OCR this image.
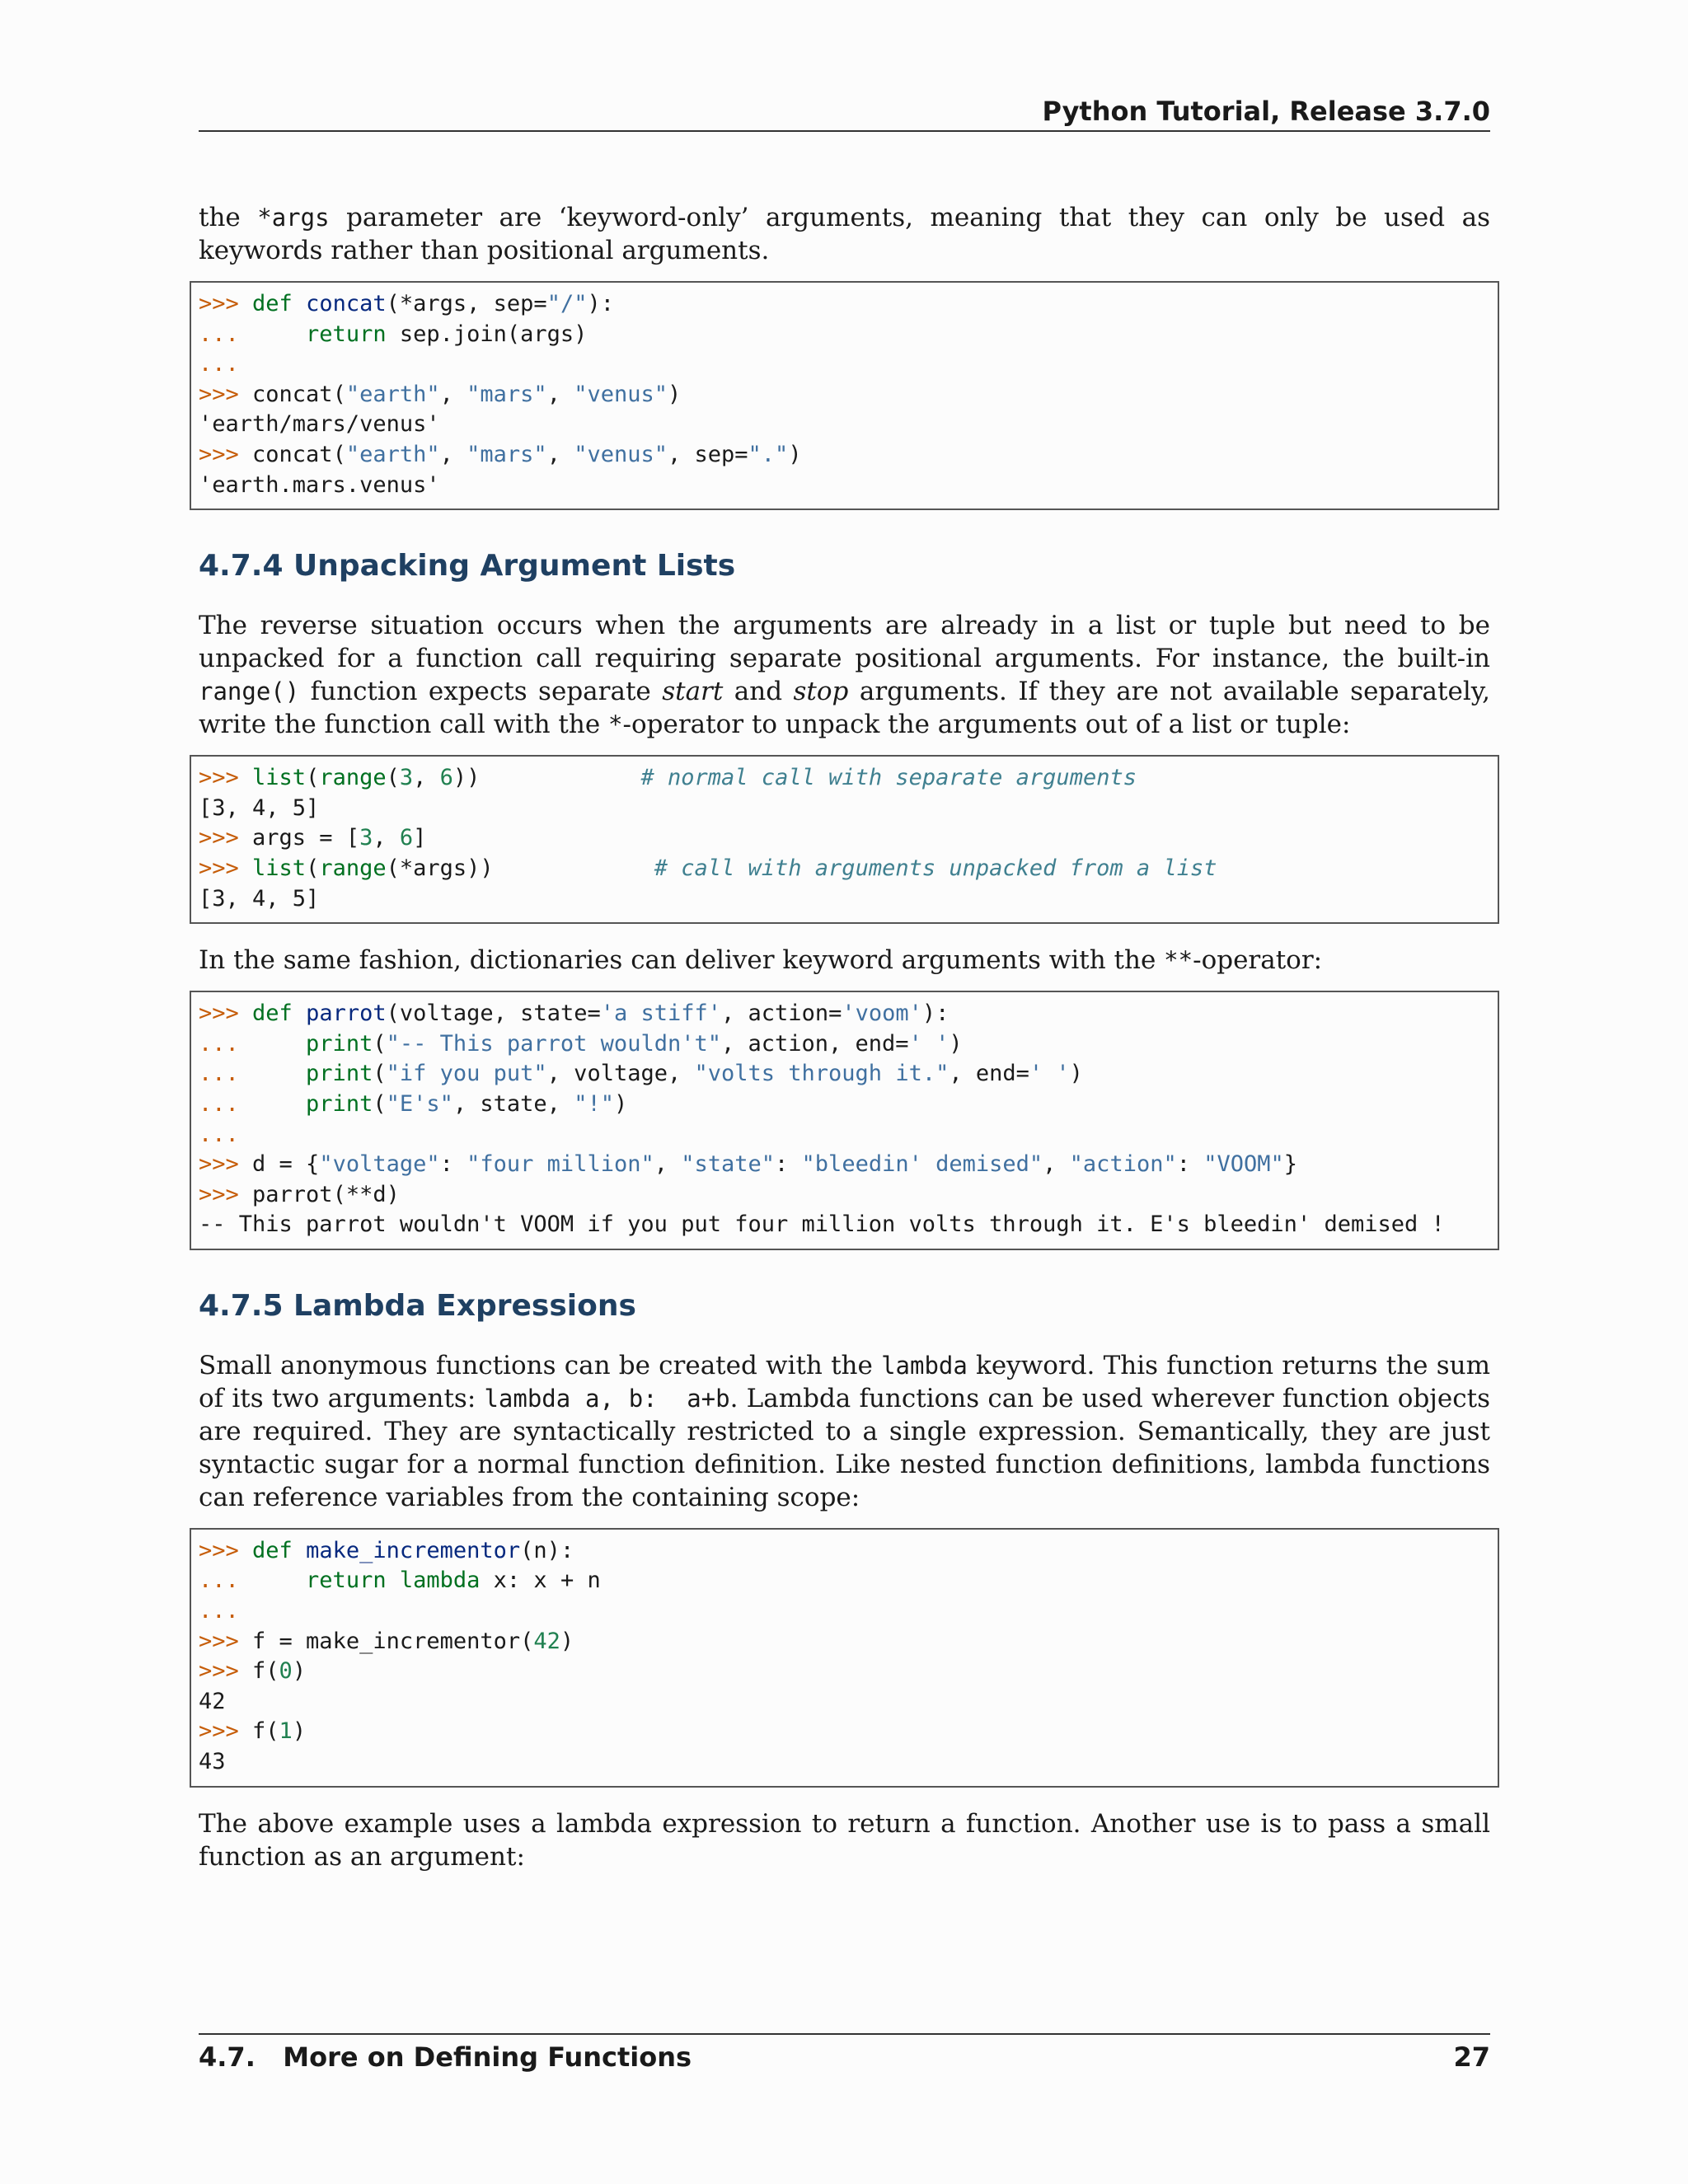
Python Tutorial, Release 3.7.0

the *args parameter are ‘keyword-only’ arguments, meaning that they can only be used as keywords rather than positional arguments.

>>> def concat(*args, sep="/"):
...     return sep.join(args)
...
>>> concat("earth", "mars", "venus")
'earth/mars/venus'
>>> concat("earth", "mars", "venus", sep=".")
'earth.mars.venus'
4.7.4 Unpacking Argument Lists

The reverse situation occurs when the arguments are already in a list or tuple but need to be unpacked for a function call requiring separate positional arguments. For instance, the built-in range() function expects separate start and stop arguments. If they are not available separately, write the function call with the *-operator to unpack the arguments out of a list or tuple:

>>> list(range(3, 6))	# normal call with separate arguments
[3, 4, 5]
>>> args = [3, 6]
>>> list(range(*args))	# call with arguments unpacked from a list
[3, 4, 5]

In the same fashion, dictionaries can deliver keyword arguments with the **-operator:

>>> def parrot(voltage, state='a stiff', action='voom'):
...     print("-- This parrot wouldn't", action, end=' ')
...     print("if you put", voltage, "volts through it.", end=' ')
...     print("E's", state, "!")
...
>>> d = {"voltage": "four million", "state": "bleedin' demised", "action": "VOOM"}
>>> parrot(**d)
-- This parrot wouldn't VOOM if you put four million volts through it. E's bleedin' demised !
4.7.5 Lambda Expressions

Small anonymous functions can be created with the lambda keyword. This function returns the sum of its two arguments: lambda a, b:  a+b. Lambda functions can be used wherever function objects are required. They are syntactically restricted to a single expression. Semantically, they are just syntactic sugar for a normal function definition. Like nested function definitions, lambda functions can reference variables from the containing scope:

>>> def make_incrementor(n):
...     return lambda x: x + n
...
>>> f = make_incrementor(42)
>>> f(0)
42
>>> f(1)
43

The above example uses a lambda expression to return a function. Another use is to pass a small function as an argument:

4.7.   More on Defining Functions	27
